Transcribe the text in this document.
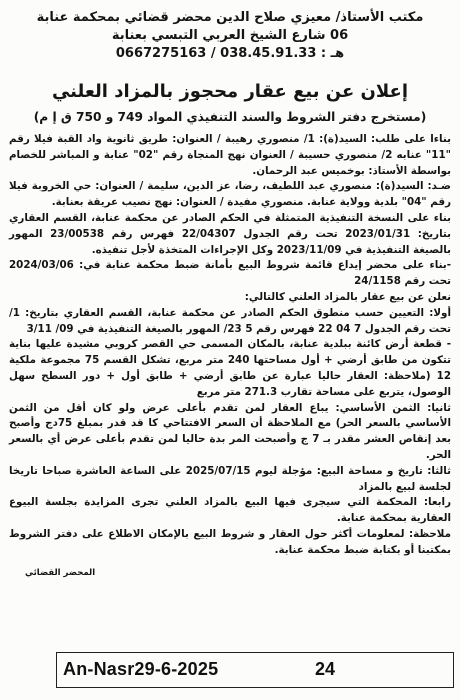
مكتب الأستاذ/ معيزي صلاح الدين محضر قضائي بمحكمة عنابة
06 شارع الشيخ العربي التبسي بعنابة
هـ : 038.45.91.33 / 0667275163
إعلان عن بيع عقار محجوز بالمزاد العلني
(مستخرج دفتر الشروط والسند التنفيذي المواد 749 و 750 ق إ م)

بناءا على طلب: السيد(ة): 1/ منصوري رهيبة / العنوان: طريق ثانوية واد القبة فيلا رقم "11" عنابه 2/ منصوري حسيبة / العنوان نهج المنجاة رقم "02" عنابة و المباشر للخصام بواسطة الأستاذ: بوخميس عبد الرحمان.

ضـد: السيد(ة): منصوري عبد اللطيف، رضا، عز الدين، سليمة / العنوان: حي الخروبة فيلا رقم "04" بلدية وولاية عنابة. منصوري مفيدة / العنوان: نهج نصيب عريقة بعنابة.

بناء على النسخة التنفيذية المتمثلة في الحكم الصادر عن محكمة عنابة، القسم العقاري بتاريخ: 2023/01/31 تحت رقم الجدول 22/04307 فهرس رقم 23/00538 المهور بالصيغة التنفيذية في 2023/11/09 وكل الإجراءات المتخذة لأجل تنفيذه.

-بناء على محضر إيداع قائمة شروط البيع بأمانة ضبط محكمة عنابة في: 2024/03/06 تحت رقم 24/1158

نعلن عن بيع عقار بالمزاد العلني كالتالي:

أولا: التعيين حسب منطوق الحكم الصادر عن محكمة عنابة، القسم العقاري بتاريخ: 1/ تحت رقم الجدول 7 04 22 فهرس رقم 5 23/ المهور بالصيغة التنفيذية في 09/ 3/11

- قطعة أرض كائنة ببلدية عنابة، بالمكان المسمى حي القصر كروبي مشيدة عليها بناية تتكون من طابق أرضي + أول مساحتها 240 متر مربع، تشكل القسم 75 مجموعة ملكية 12 (ملاحظة: العقار حاليا عبارة عن طابق أرضي + طابق أول + دور السطح سهل الوصول، يتربع على مساحة تقارب 271.3 متر مربع

ثانيا: الثمن الأساسي: يباع العقار لمن تقدم بأعلى عرض ولو كان أقل من الثمن الأساسي بالسعر الحر) مع الملاحظة أن السعر الافتتاحي كا قد قدر بمبلغ 75دج وأصبح بعد إنقاص العشر مقدر بـ 7 ج وأصبحت المر بدة حاليا لمن تقدم بأعلى عرض أي بالسعر الحر.

ثالثا: تاريخ و مساحة البيع: مؤجلة ليوم 2025/07/15 على الساعة العاشرة صباحا تاريخا لجلسة لبيع بالمزاد

رابعا: المحكمة التي سيجرى فيها البيع بالمزاد العلني تجرى المزايدة بجلسة البيوع العقارية بمحكمة عنابة.

ملاحظة: لمعلومات أكثر حول العقار و شروط البيع بالإمكان الاطلاع على دفتر الشروط بمكتبنا أو بكتابة ضبط محكمة عنابة.

المحضر القضائي
An-Nasr29-6-2025	24
